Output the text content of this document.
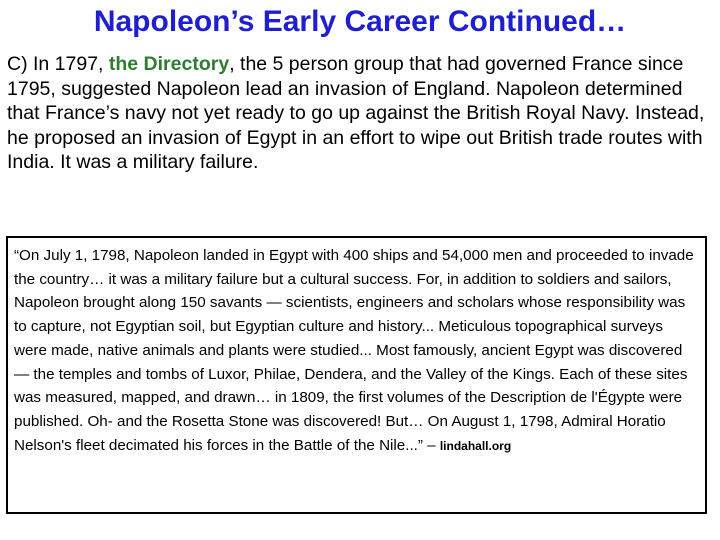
Napoleon’s Early Career Continued…
C) In 1797, the Directory, the 5 person group that had governed France since 1795, suggested Napoleon lead an invasion of England. Napoleon determined that France’s navy not yet ready to go up against the British Royal Navy. Instead, he proposed an invasion of Egypt in an effort to wipe out British trade routes with India. It was a military failure.
“On July 1, 1798, Napoleon landed in Egypt with 400 ships and 54,000 men and proceeded to invade the country… it was a military failure but a cultural success. For, in addition to soldiers and sailors, Napoleon brought along 150 savants — scientists, engineers and scholars whose responsibility was to capture, not Egyptian soil, but Egyptian culture and history... Meticulous topographical surveys were made, native animals and plants were studied... Most famously, ancient Egypt was discovered — the temples and tombs of Luxor, Philae, Dendera, and the Valley of the Kings. Each of these sites was measured, mapped, and drawn… in 1809, the first volumes of the Description de l'Égypte were published. Oh- and the Rosetta Stone was discovered! But… On August 1, 1798, Admiral Horatio Nelson's fleet decimated his forces in the Battle of the Nile...” – lindahall.org
